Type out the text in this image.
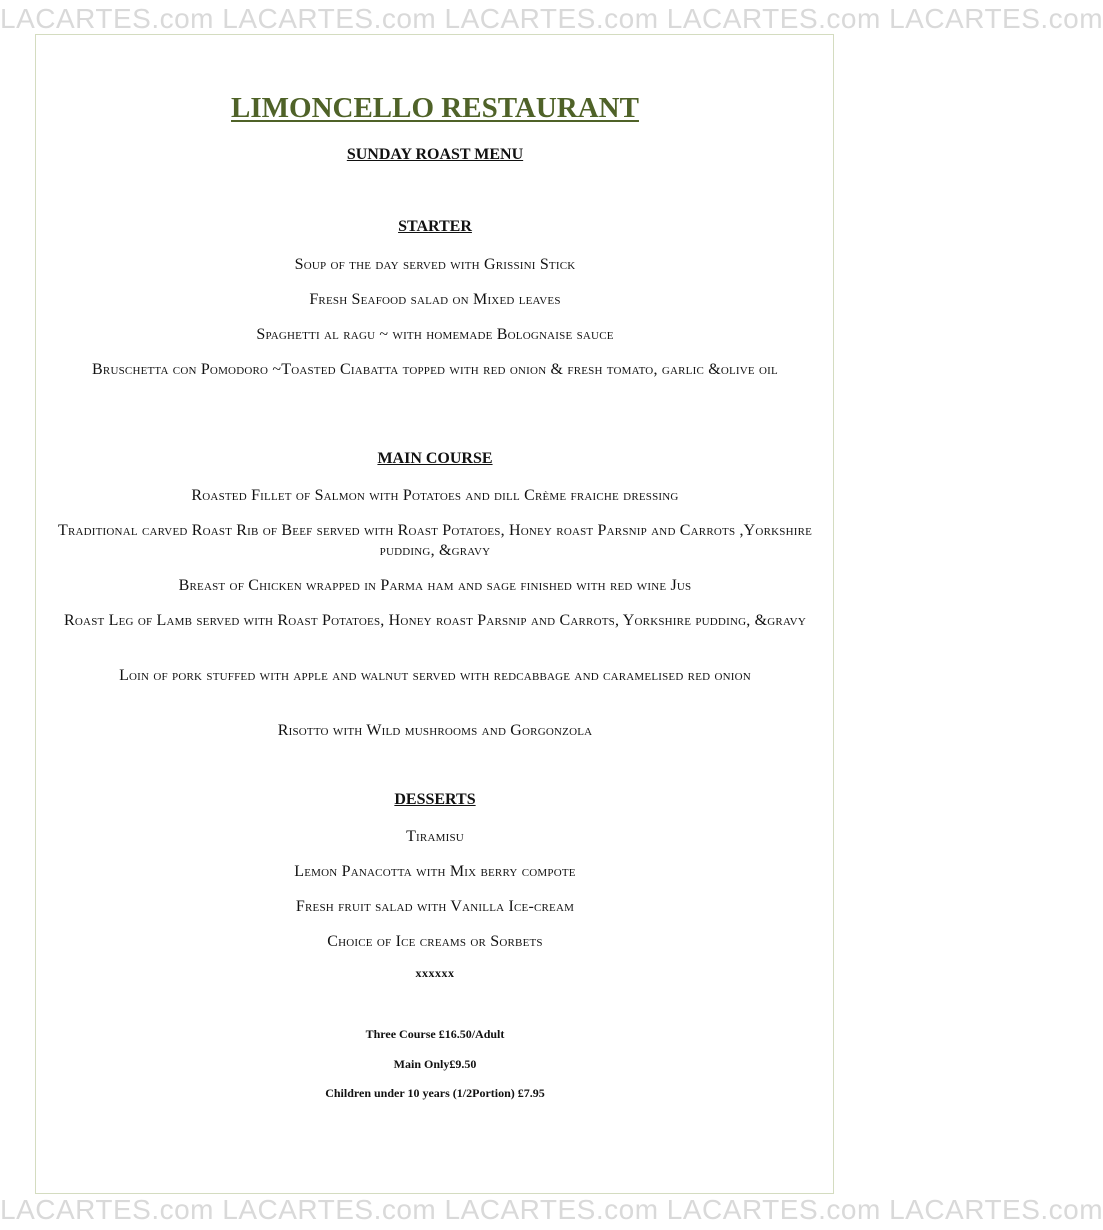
LACARTES.com LACARTES.com LACARTES.com LACARTES.com LACARTES.com
LACARTES.com LACARTES.com LACARTES.com LACARTES.com LACARTES.com
LIMONCELLO RESTAURANT
SUNDAY ROAST MENU
STARTER
Soup of the day served with Grissini Stick
Fresh Seafood salad on Mixed leaves
Spaghetti al ragu ~ with homemade Bolognaise sauce
Bruschetta con Pomodoro ~Toasted Ciabatta topped with red onion & fresh tomato, garlic &olive oil
MAIN COURSE
Roasted Fillet of Salmon with Potatoes and dill Crème fraiche dressing
Traditional carved Roast Rib of Beef served with Roast Potatoes, Honey roast Parsnip and Carrots ,Yorkshire pudding, &gravy
Breast of Chicken wrapped in Parma ham and sage finished with red wine Jus
Roast Leg of Lamb served with Roast Potatoes, Honey roast Parsnip and Carrots, Yorkshire pudding, &gravy
Loin of pork stuffed with apple and walnut served with redcabbage and caramelised red onion
Risotto with Wild mushrooms and Gorgonzola
DESSERTS
Tiramisu
Lemon Panacotta with Mix berry compote
Fresh fruit salad with Vanilla Ice-cream
Choice of Ice creams or Sorbets
xxxxxx
Three Course £16.50/Adult
Main Only£9.50
Children under 10 years (1/2Portion) £7.95
